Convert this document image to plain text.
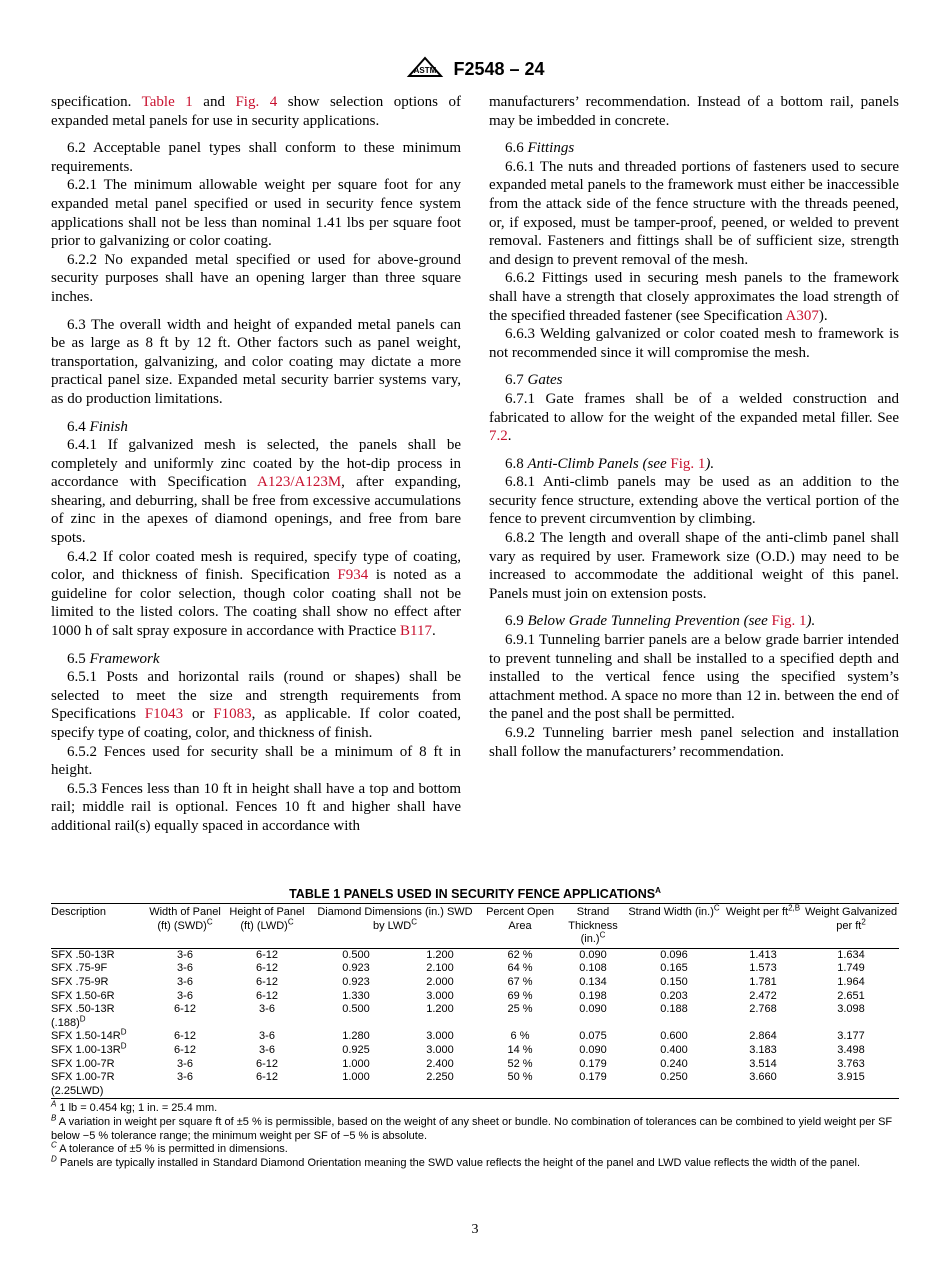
ASTM F2548 – 24

specification. Table 1 and Fig. 4 show selection options of expanded metal panels for use in security applications.

6.2 Acceptable panel types shall conform to these minimum requirements.

6.2.1 The minimum allowable weight per square foot for any expanded metal panel specified or used in security fence system applications shall not be less than nominal 1.41 lbs per square foot prior to galvanizing or color coating.

6.2.2 No expanded metal specified or used for above-ground security purposes shall have an opening larger than three square inches.

6.3 The overall width and height of expanded metal panels can be as large as 8 ft by 12 ft. Other factors such as panel weight, transportation, galvanizing, and color coating may dictate a more practical panel size. Expanded metal security barrier systems vary, as do production limitations.

6.4 Finish

6.4.1 If galvanized mesh is selected, the panels shall be completely and uniformly zinc coated by the hot-dip process in accordance with Specification A123/A123M, after expanding, shearing, and deburring, shall be free from excessive accumulations of zinc in the apexes of diamond openings, and free from bare spots.

6.4.2 If color coated mesh is required, specify type of coating, color, and thickness of finish. Specification F934 is noted as a guideline for color selection, though color coating shall not be limited to the listed colors. The coating shall show no effect after 1000 h of salt spray exposure in accordance with Practice B117.

6.5 Framework

6.5.1 Posts and horizontal rails (round or shapes) shall be selected to meet the size and strength requirements from Specifications F1043 or F1083, as applicable. If color coated, specify type of coating, color, and thickness of finish.

6.5.2 Fences used for security shall be a minimum of 8 ft in height.

6.5.3 Fences less than 10 ft in height shall have a top and bottom rail; middle rail is optional. Fences 10 ft and higher shall have additional rail(s) equally spaced in accordance with

manufacturers’ recommendation. Instead of a bottom rail, panels may be imbedded in concrete.

6.6 Fittings

6.6.1 The nuts and threaded portions of fasteners used to secure expanded metal panels to the framework must either be inaccessible from the attack side of the fence structure with the threads peened, or, if exposed, must be tamper-proof, peened, or welded to prevent removal. Fasteners and fittings shall be of sufficient size, strength and design to prevent removal of the mesh.

6.6.2 Fittings used in securing mesh panels to the framework shall have a strength that closely approximates the load strength of the specified threaded fastener (see Specification A307).

6.6.3 Welding galvanized or color coated mesh to framework is not recommended since it will compromise the mesh.

6.7 Gates

6.7.1 Gate frames shall be of a welded construction and fabricated to allow for the weight of the expanded metal filler. See 7.2.

6.8 Anti-Climb Panels (see Fig. 1).

6.8.1 Anti-climb panels may be used as an addition to the security fence structure, extending above the vertical portion of the fence to prevent circumvention by climbing.

6.8.2 The length and overall shape of the anti-climb panel shall vary as required by user. Framework size (O.D.) may need to be increased to accommodate the additional weight of this panel. Panels must join on extension posts.

6.9 Below Grade Tunneling Prevention (see Fig. 1).

6.9.1 Tunneling barrier panels are a below grade barrier intended to prevent tunneling and shall be installed to a specified depth and installed to the vertical fence using the specified system’s attachment method. A space no more than 12 in. between the end of the panel and the post shall be permitted.

6.9.2 Tunneling barrier mesh panel selection and installation shall follow the manufacturers’ recommendation.

TABLE 1 PANELS USED IN SECURITY FENCE $APPLICATIONS^A$
Description	Width of Panel (ft) (SWD)$^C$	Height of Panel (ft) (LWD)$^C$	Diamond Dimensions (in.) SWD by $LWD^C$		Percent Open Area	Strand Thickness $(in.)^C$	Strand Width $(in.)^C$	Weight per $ft^{2,B}$	Weight Galvanized per $ft^2$
SFX .50-13R	3-6	6-12	0.500	1.200	62 %	0.090	0.096	1.413	1.634
SFX .75-9F	3-6	6-12	0.923	2.100	64 %	0.108	0.165	1.573	1.749
SFX .75-9R	3-6	6-12	0.923	2.000	67 %	0.134	0.150	1.781	1.964
SFX 1.50-6R	3-6	6-12	1.330	3.000	69 %	0.198	0.203	2.472	2.651
SFX .50-13R $(.188)^D$	6-12	3-6	0.500	1.200	25 %	0.090	0.188	2.768	3.098
SFX $1.50-14R^D$	6-12	3-6	1.280	3.000	6 %	0.075	0.600	2.864	3.177
SFX $1.00-13R^D$	6-12	3-6	0.925	3.000	14 %	0.090	0.400	3.183	3.498
SFX 1.00-7R	3-6	6-12	1.000	2.400	52 %	0.179	0.240	3.514	3.763
SFX 1.00-7R (2.25LWD)	3-6	6-12	1.000	2.250	50 %	0.179	0.250	3.660	3.915
$^A$ 1 lb = 0.454 kg; 1 in. = 25.4 mm.
$^B$ A variation in weight per square ft of ±5 % is permissible, based on the weight of any sheet or bundle. No combination of tolerances can be combined to yield weight per SF below −5 % tolerance range; the minimum weight per SF of −5 % is absolute.
$^C$ A tolerance of ±5 % is permitted in dimensions.
$^D$ Panels are typically installed in Standard Diamond Orientation meaning the SWD value reflects the height of the panel and LWD value reflects the width of the panel.
3
